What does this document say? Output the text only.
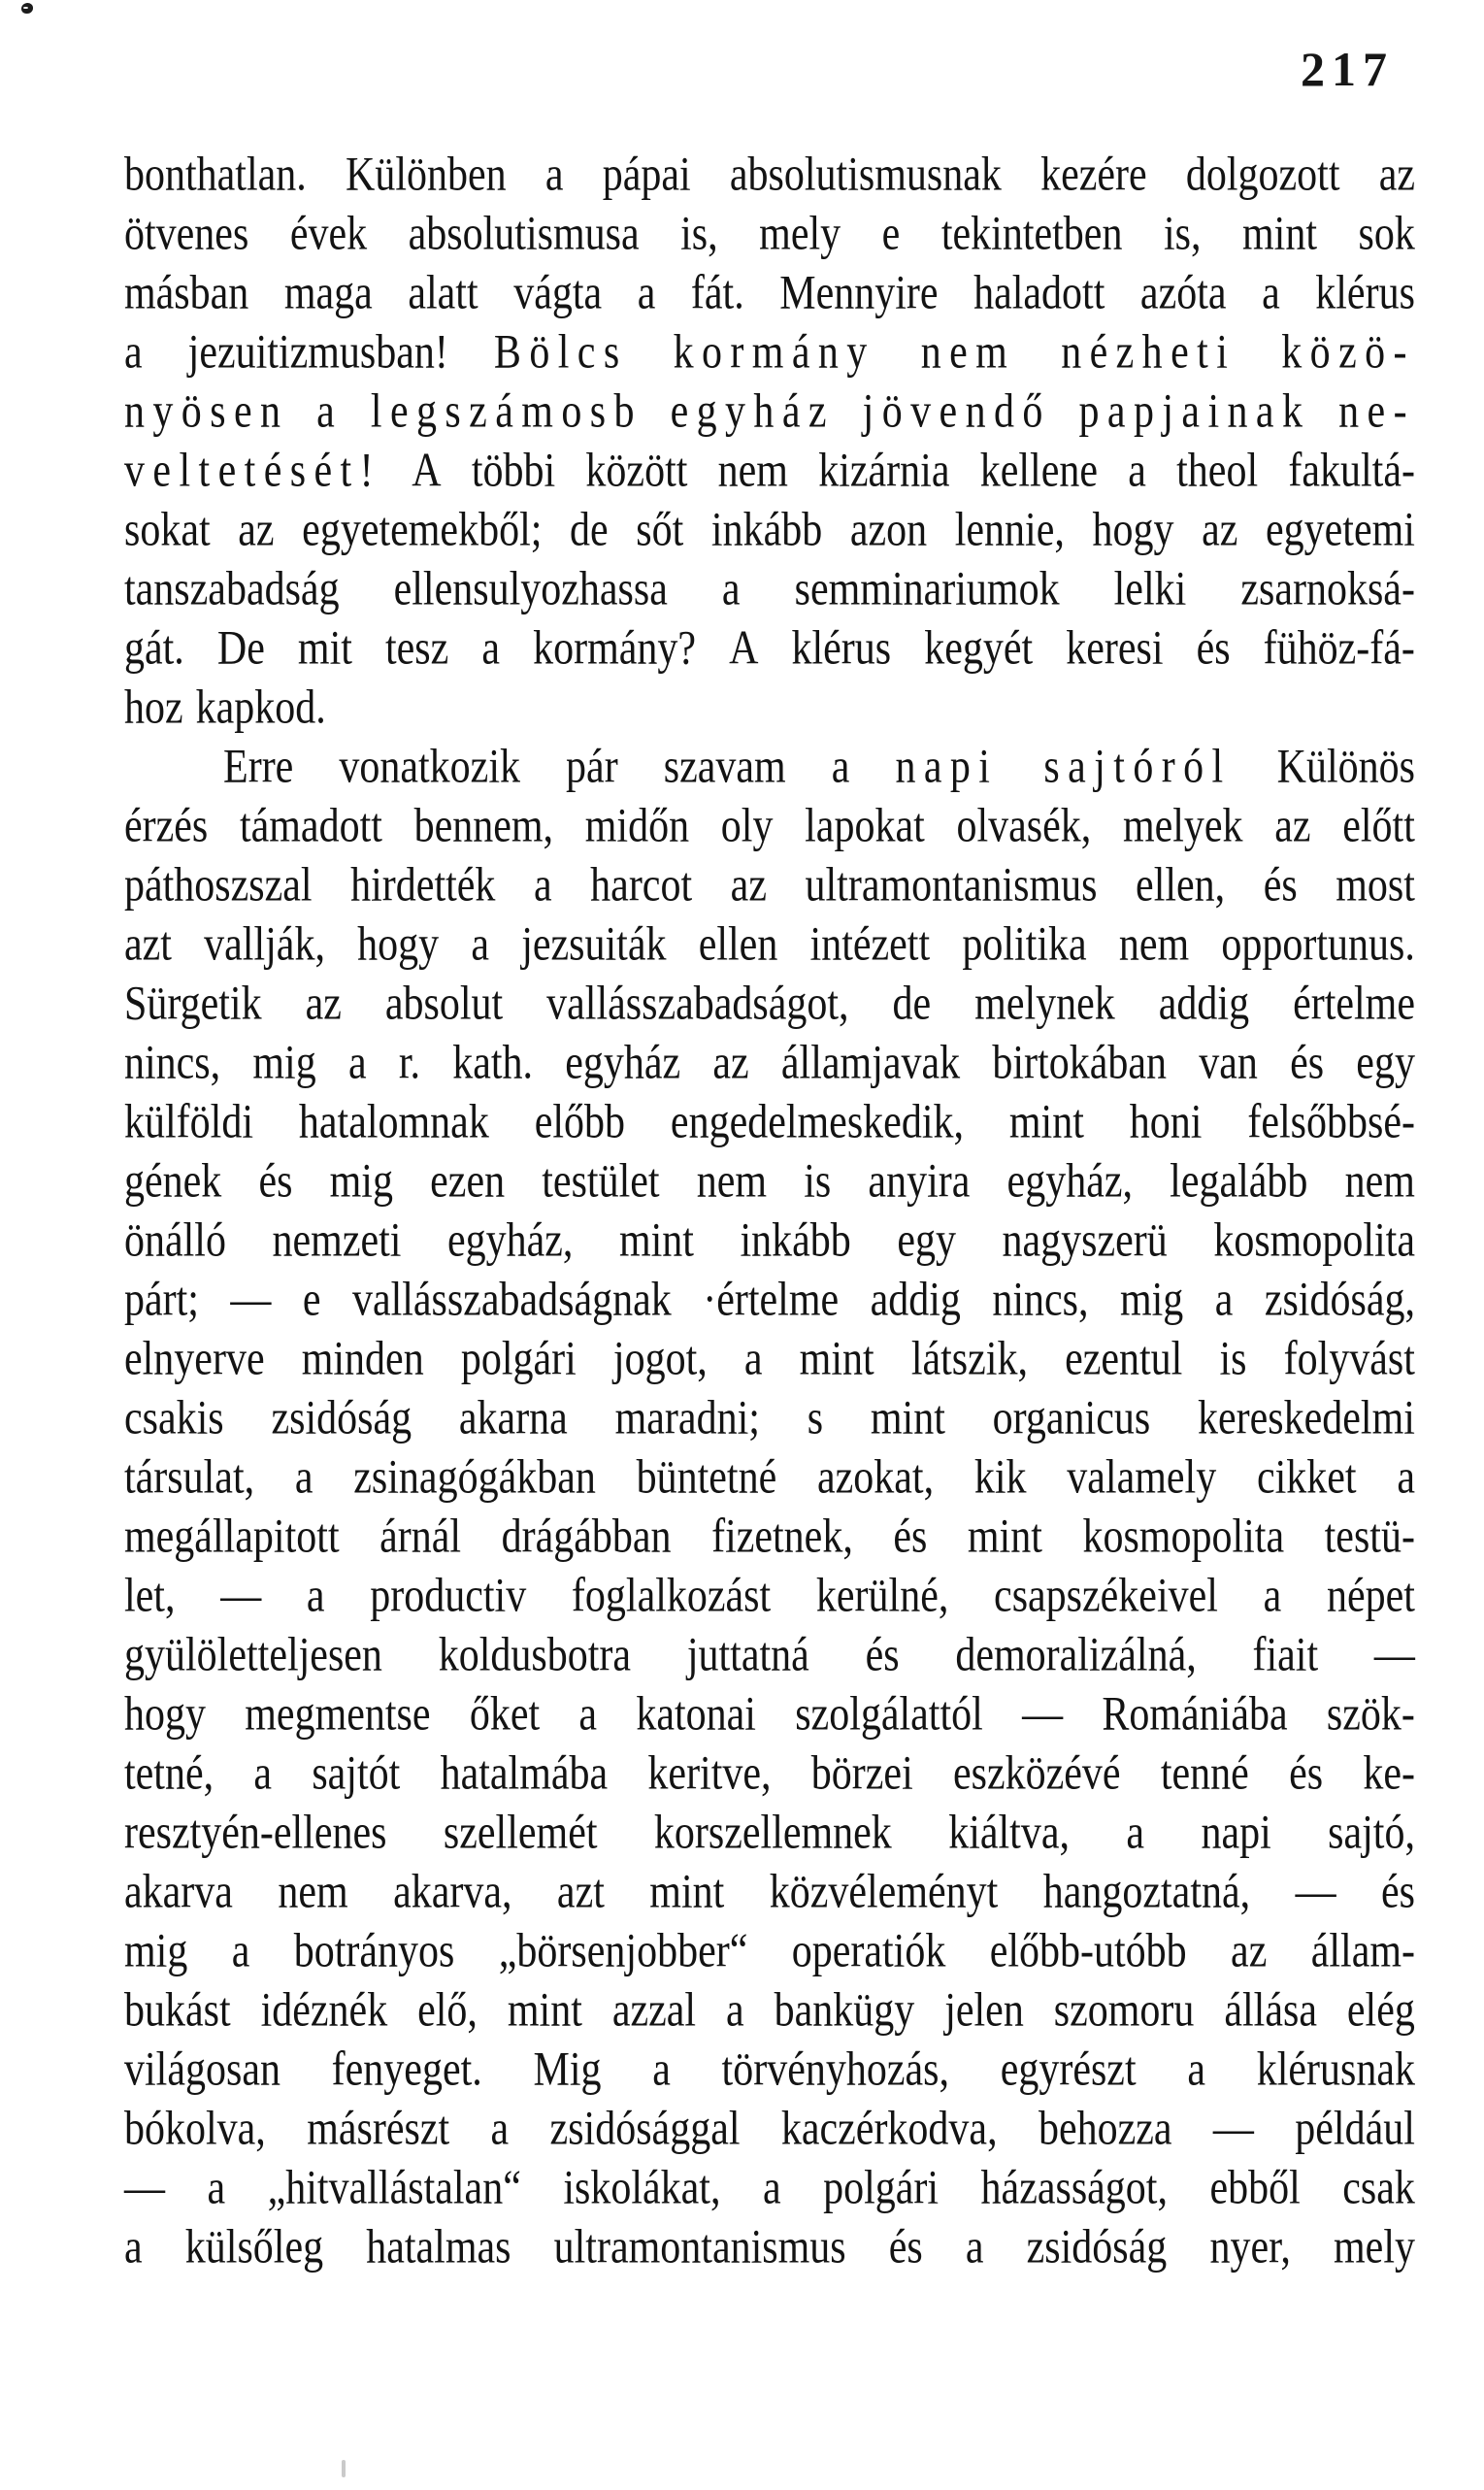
217
bonthatlan. Különben a pápai absolutismusnak kezére dolgozott az
ötvenes évek absolutismusa is, mely e tekintetben is, mint sok
másban maga alatt vágta a fát. Mennyire haladott azóta a klérus
a jezuitizmusban! Bölcs kormány nem nézheti közö-
nyösen a legszámosb egyház jövendő papjainak ne-
veltetését! A többi között nem kizárnia kellene a theol fakultá-
sokat az egyetemekből; de sőt inkább azon lennie, hogy az egyetemi
tanszabadság ellensulyozhassa a semminariumok lelki zsarnoksá-
gát. De mit tesz a kormány? A klérus kegyét keresi és fühöz-fá-
hoz kapkod.
Erre vonatkozik pár szavam a napi sajtóról Különös
érzés támadott bennem, midőn oly lapokat olvasék, melyek az előtt
páthoszszal hirdették a harcot az ultramontanismus ellen, és most
azt vallják, hogy a jezsuiták ellen intézett politika nem opportunus.
Sürgetik az absolut vallásszabadságot, de melynek addig értelme
nincs, mig a r. kath. egyház az államjavak birtokában van és egy
külföldi hatalomnak előbb engedelmeskedik, mint honi felsőbbsé-
gének és mig ezen testület nem is anyira egyház, legalább nem
önálló nemzeti egyház, mint inkább egy nagyszerü kosmopolita
párt; — e vallásszabadságnak ·értelme addig nincs, mig a zsidóság,
elnyerve minden polgári jogot, a mint látszik, ezentul is folyvást
csakis zsidóság akarna maradni; s mint organicus kereskedelmi
társulat, a zsinagógákban büntetné azokat, kik valamely cikket a
megállapitott árnál drágábban fizetnek, és mint kosmopolita testü-
let, — a productiv foglalkozást kerülné, csapszékeivel a népet
gyülöletteljesen koldusbotra juttatná és demoralizálná, fiait —
hogy megmentse őket a katonai szolgálattól — Romániába szök-
tetné, a sajtót hatalmába keritve, börzei eszközévé tenné és ke-
resztyén-ellenes szellemét korszellemnek kiáltva, a napi sajtó,
akarva nem akarva, azt mint közvéleményt hangoztatná, — és
mig a botrányos „börsenjobber“ operatiók előbb-utóbb az állam-
bukást idéznék elő, mint azzal a bankügy jelen szomoru állása elég
világosan fenyeget. Mig a törvényhozás, egyrészt a klérusnak
bókolva, másrészt a zsidósággal kaczérkodva, behozza — például
— a „hitvallástalan“ iskolákat, a polgári házasságot, ebből csak
a külsőleg hatalmas ultramontanismus és a zsidóság nyer, mely
